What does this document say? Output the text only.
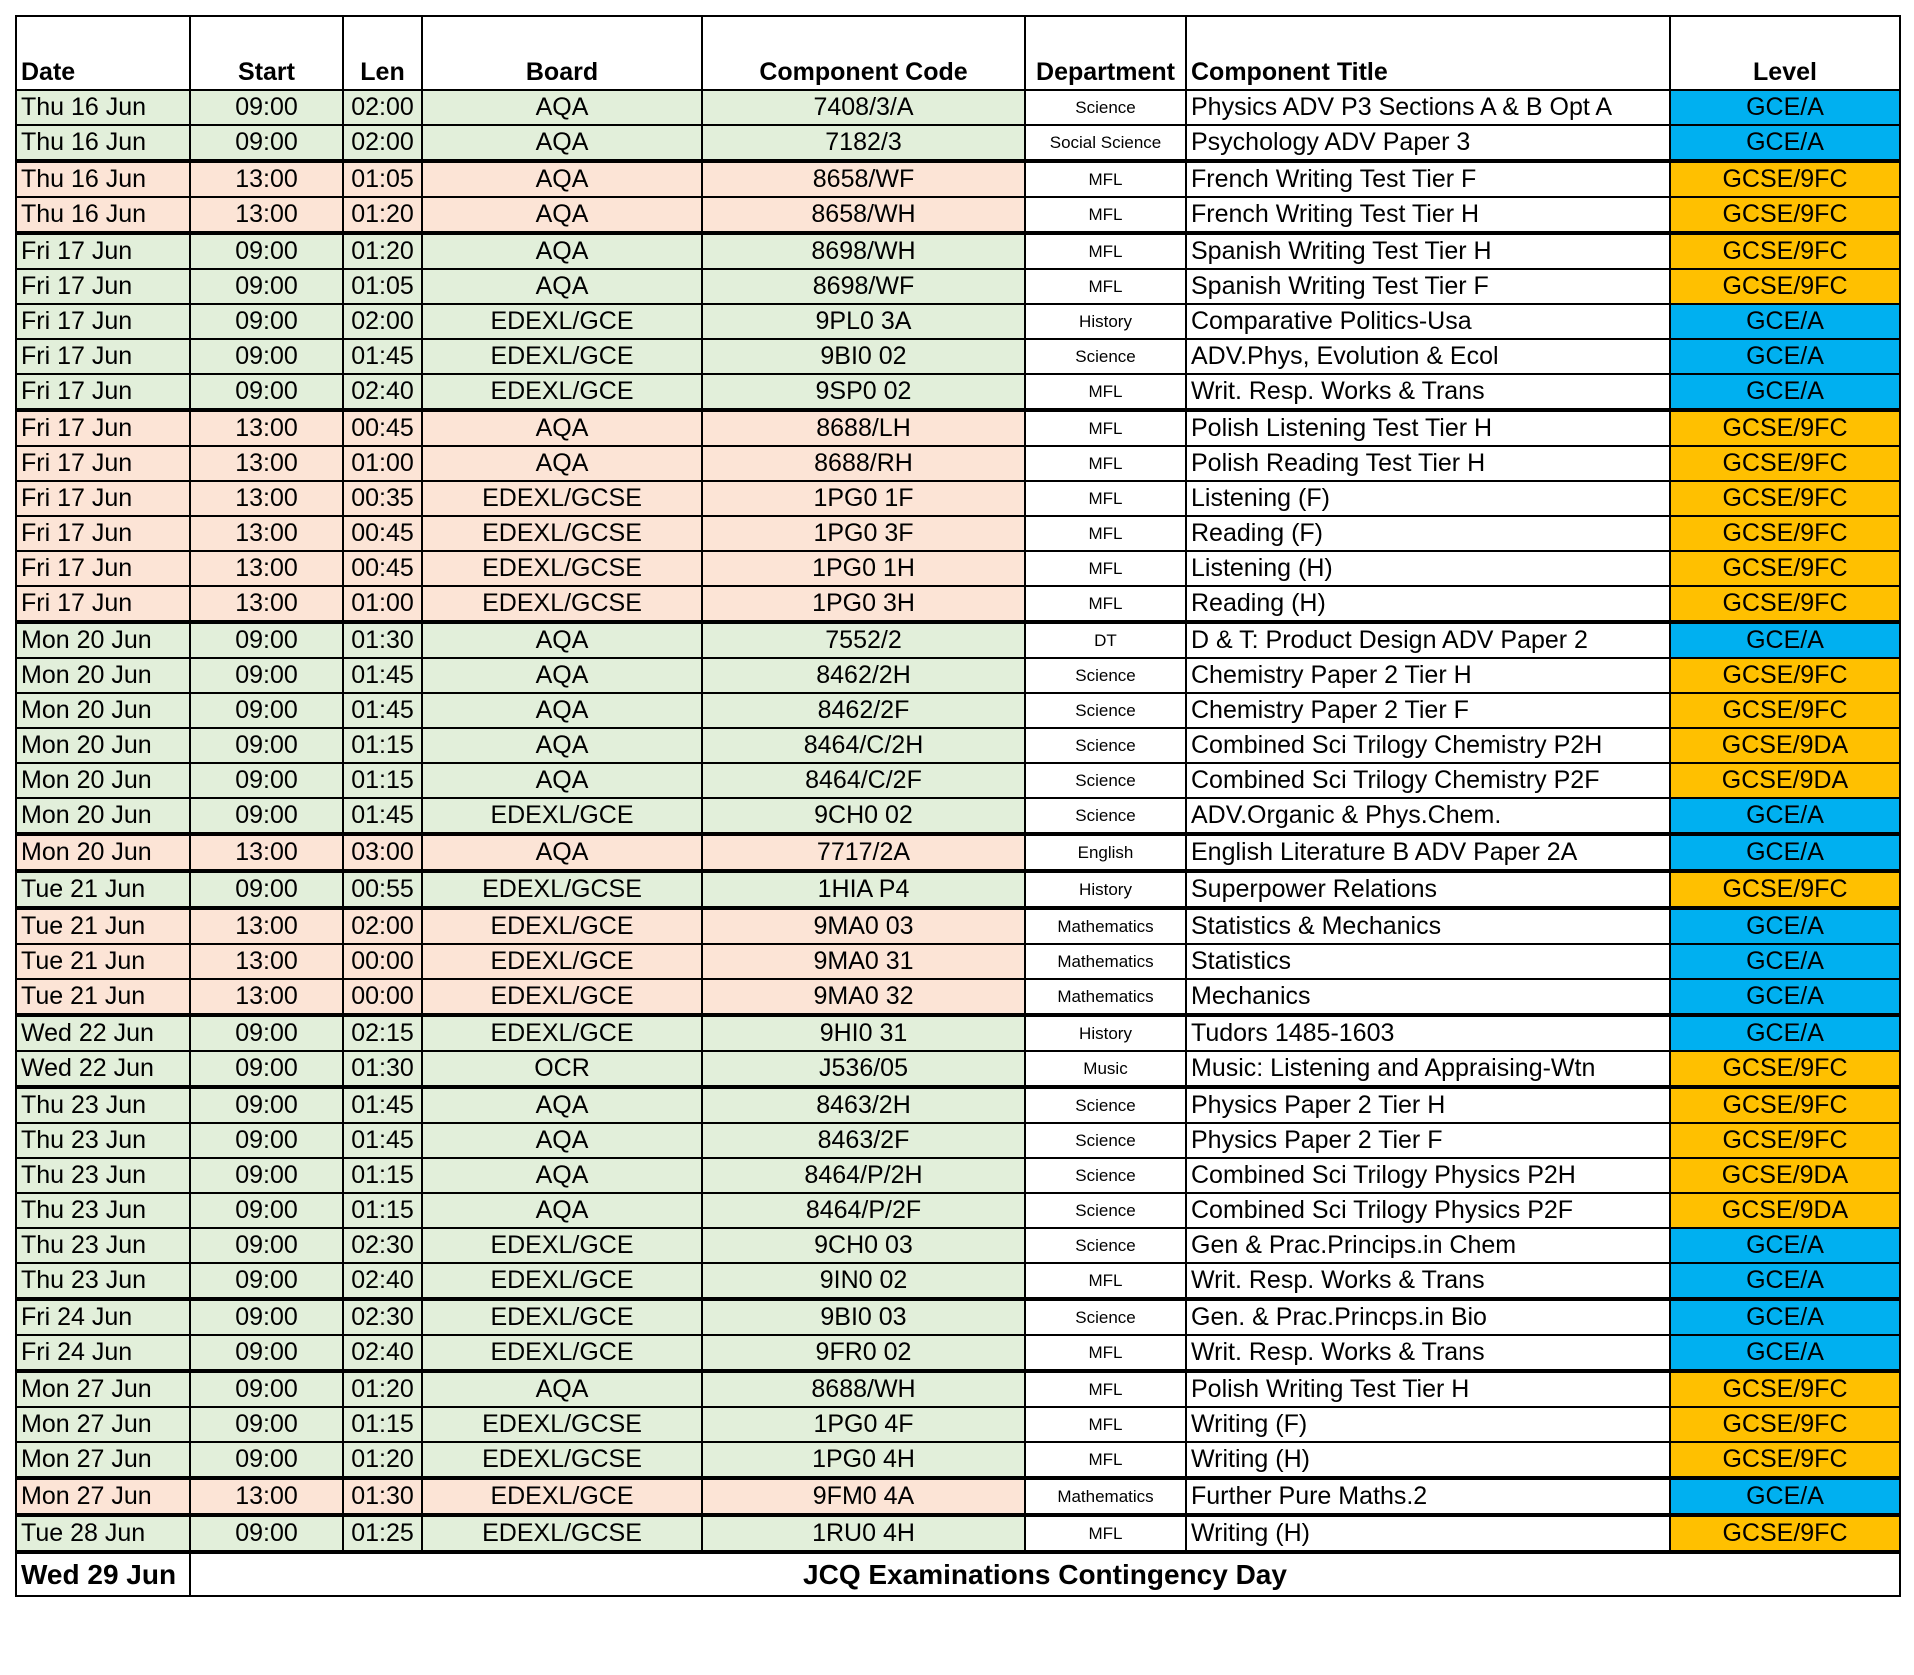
Date	Start	Len	Board	Component Code	Department	Component Title	Level
Thu 16 Jun	09:00	02:00	AQA	7408/3/A	Science	Physics ADV P3 Sections A & B Opt A	GCE/A
Thu 16 Jun	09:00	02:00	AQA	7182/3	Social Science	Psychology ADV Paper 3	GCE/A
Thu 16 Jun	13:00	01:05	AQA	8658/WF	MFL	French Writing Test Tier F	GCSE/9FC
Thu 16 Jun	13:00	01:20	AQA	8658/WH	MFL	French Writing Test Tier H	GCSE/9FC
Fri 17 Jun	09:00	01:20	AQA	8698/WH	MFL	Spanish Writing Test Tier H	GCSE/9FC
Fri 17 Jun	09:00	01:05	AQA	8698/WF	MFL	Spanish Writing Test Tier F	GCSE/9FC
Fri 17 Jun	09:00	02:00	EDEXL/GCE	9PL0 3A	History	Comparative Politics-Usa	GCE/A
Fri 17 Jun	09:00	01:45	EDEXL/GCE	9BI0 02	Science	ADV.Phys, Evolution & Ecol	GCE/A
Fri 17 Jun	09:00	02:40	EDEXL/GCE	9SP0 02	MFL	Writ. Resp. Works & Trans	GCE/A
Fri 17 Jun	13:00	00:45	AQA	8688/LH	MFL	Polish Listening Test Tier H	GCSE/9FC
Fri 17 Jun	13:00	01:00	AQA	8688/RH	MFL	Polish Reading Test Tier H	GCSE/9FC
Fri 17 Jun	13:00	00:35	EDEXL/GCSE	1PG0 1F	MFL	Listening (F)	GCSE/9FC
Fri 17 Jun	13:00	00:45	EDEXL/GCSE	1PG0 3F	MFL	Reading (F)	GCSE/9FC
Fri 17 Jun	13:00	00:45	EDEXL/GCSE	1PG0 1H	MFL	Listening (H)	GCSE/9FC
Fri 17 Jun	13:00	01:00	EDEXL/GCSE	1PG0 3H	MFL	Reading (H)	GCSE/9FC
Mon 20 Jun	09:00	01:30	AQA	7552/2	DT	D & T: Product Design ADV Paper 2	GCE/A
Mon 20 Jun	09:00	01:45	AQA	8462/2H	Science	Chemistry Paper 2 Tier H	GCSE/9FC
Mon 20 Jun	09:00	01:45	AQA	8462/2F	Science	Chemistry Paper 2 Tier F	GCSE/9FC
Mon 20 Jun	09:00	01:15	AQA	8464/C/2H	Science	Combined Sci Trilogy Chemistry P2H	GCSE/9DA
Mon 20 Jun	09:00	01:15	AQA	8464/C/2F	Science	Combined Sci Trilogy Chemistry P2F	GCSE/9DA
Mon 20 Jun	09:00	01:45	EDEXL/GCE	9CH0 02	Science	ADV.Organic & Phys.Chem.	GCE/A
Mon 20 Jun	13:00	03:00	AQA	7717/2A	English	English Literature B ADV Paper 2A	GCE/A
Tue 21 Jun	09:00	00:55	EDEXL/GCSE	1HIA P4	History	Superpower Relations	GCSE/9FC
Tue 21 Jun	13:00	02:00	EDEXL/GCE	9MA0 03	Mathematics	Statistics & Mechanics	GCE/A
Tue 21 Jun	13:00	00:00	EDEXL/GCE	9MA0 31	Mathematics	Statistics	GCE/A
Tue 21 Jun	13:00	00:00	EDEXL/GCE	9MA0 32	Mathematics	Mechanics	GCE/A
Wed 22 Jun	09:00	02:15	EDEXL/GCE	9HI0 31	History	Tudors 1485-1603	GCE/A
Wed 22 Jun	09:00	01:30	OCR	J536/05	Music	Music: Listening and Appraising-Wtn	GCSE/9FC
Thu 23 Jun	09:00	01:45	AQA	8463/2H	Science	Physics Paper 2 Tier H	GCSE/9FC
Thu 23 Jun	09:00	01:45	AQA	8463/2F	Science	Physics Paper 2 Tier F	GCSE/9FC
Thu 23 Jun	09:00	01:15	AQA	8464/P/2H	Science	Combined Sci Trilogy Physics P2H	GCSE/9DA
Thu 23 Jun	09:00	01:15	AQA	8464/P/2F	Science	Combined Sci Trilogy Physics P2F	GCSE/9DA
Thu 23 Jun	09:00	02:30	EDEXL/GCE	9CH0 03	Science	Gen & Prac.Princips.in Chem	GCE/A
Thu 23 Jun	09:00	02:40	EDEXL/GCE	9IN0 02	MFL	Writ. Resp. Works & Trans	GCE/A
Fri 24 Jun	09:00	02:30	EDEXL/GCE	9BI0 03	Science	Gen. & Prac.Princps.in Bio	GCE/A
Fri 24 Jun	09:00	02:40	EDEXL/GCE	9FR0 02	MFL	Writ. Resp. Works & Trans	GCE/A
Mon 27 Jun	09:00	01:20	AQA	8688/WH	MFL	Polish Writing Test Tier H	GCSE/9FC
Mon 27 Jun	09:00	01:15	EDEXL/GCSE	1PG0 4F	MFL	Writing (F)	GCSE/9FC
Mon 27 Jun	09:00	01:20	EDEXL/GCSE	1PG0 4H	MFL	Writing (H)	GCSE/9FC
Mon 27 Jun	13:00	01:30	EDEXL/GCE	9FM0 4A	Mathematics	Further Pure Maths.2	GCE/A
Tue 28 Jun	09:00	01:25	EDEXL/GCSE	1RU0 4H	MFL	Writing (H)	GCSE/9FC
Wed 29 Jun	JCQ Examinations Contingency Day						
